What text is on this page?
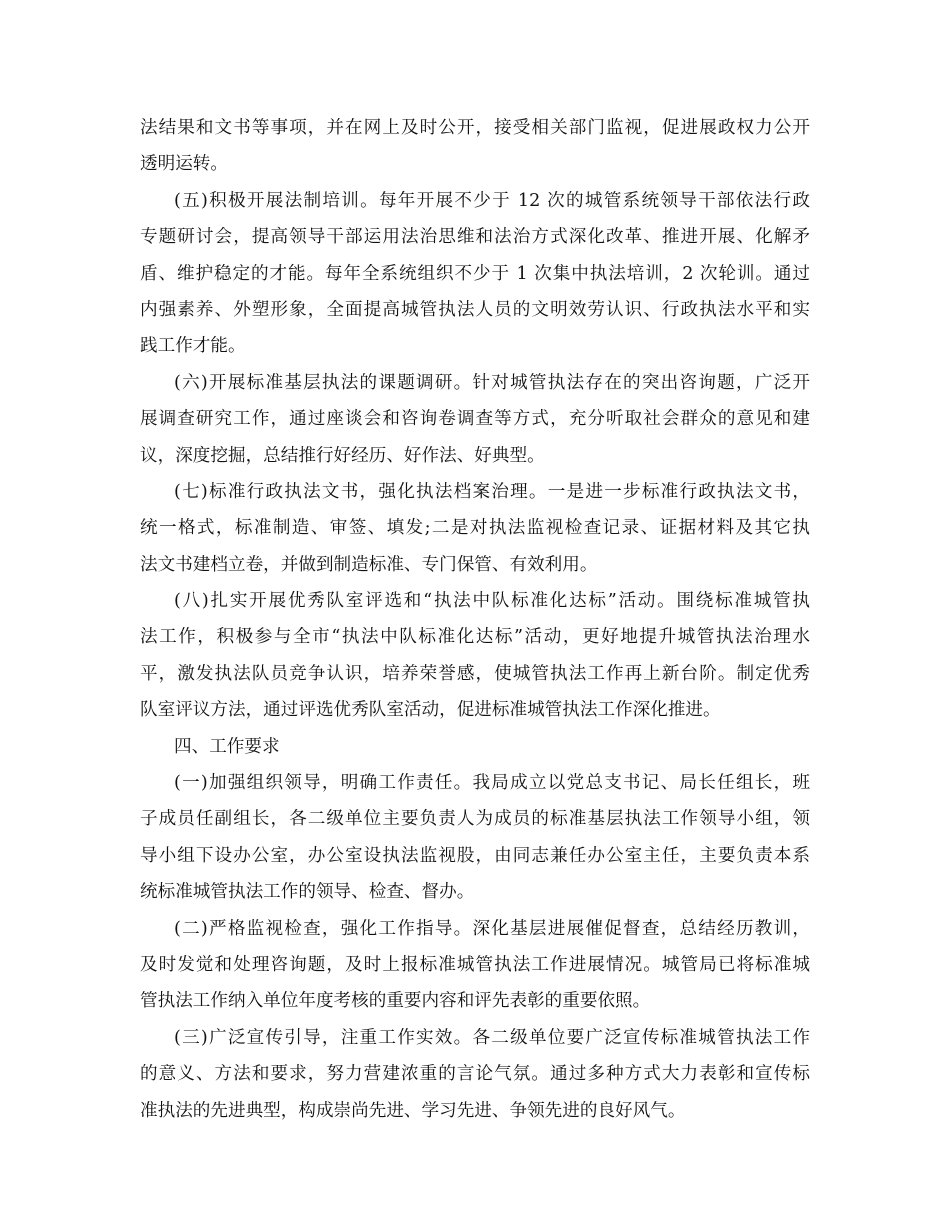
法结果和文书等事项，并在网上及时公开，接受相关部门监视，促进展政权力公开
透明运转。
(五)积极开展法制培训。每年开展不少于 12 次的城管系统领导干部依法行政
专题研讨会，提高领导干部运用法治思维和法治方式深化改革、推进开展、化解矛
盾、维护稳定的才能。每年全系统组织不少于 1 次集中执法培训，2 次轮训。通过
内强素养、外塑形象，全面提高城管执法人员的文明效劳认识、行政执法水平和实
践工作才能。
(六)开展标准基层执法的课题调研。针对城管执法存在的突出咨询题，广泛开
展调查研究工作，通过座谈会和咨询卷调查等方式，充分听取社会群众的意见和建
议，深度挖掘，总结推行好经历、好作法、好典型。
(七)标准行政执法文书，强化执法档案治理。一是进一步标准行政执法文书，
统一格式，标准制造、审签、填发;二是对执法监视检查记录、证据材料及其它执
法文书建档立卷，并做到制造标准、专门保管、有效利用。
(八)扎实开展优秀队室评选和“执法中队标准化达标”活动。围绕标准城管执
法工作，积极参与全市“执法中队标准化达标”活动，更好地提升城管执法治理水
平，激发执法队员竞争认识，培养荣誉感，使城管执法工作再上新台阶。制定优秀
队室评议方法，通过评选优秀队室活动，促进标准城管执法工作深化推进。
四、工作要求
(一)加强组织领导，明确工作责任。我局成立以党总支书记、局长任组长，班
子成员任副组长，各二级单位主要负责人为成员的标准基层执法工作领导小组，领
导小组下设办公室，办公室设执法监视股，由同志兼任办公室主任，主要负责本系
统标准城管执法工作的领导、检查、督办。
(二)严格监视检查，强化工作指导。深化基层进展催促督查，总结经历教训，
及时发觉和处理咨询题，及时上报标准城管执法工作进展情况。城管局已将标准城
管执法工作纳入单位年度考核的重要内容和评先表彰的重要依照。
(三)广泛宣传引导，注重工作实效。各二级单位要广泛宣传标准城管执法工作
的意义、方法和要求，努力营建浓重的言论气氛。通过多种方式大力表彰和宣传标
准执法的先进典型，构成崇尚先进、学习先进、争领先进的良好风气。
